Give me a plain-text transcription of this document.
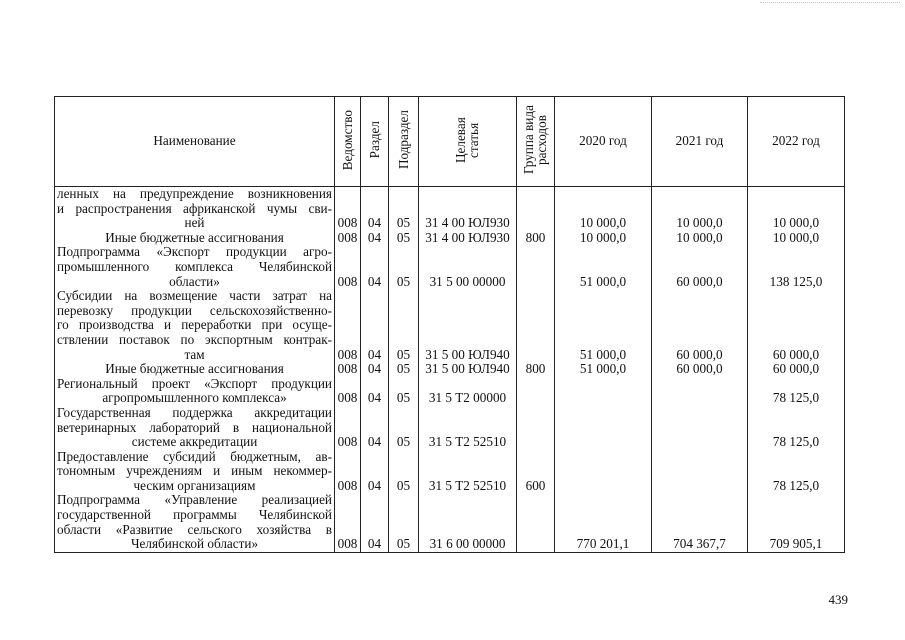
Наименование	Ведомство	Раздел	Подраздел	Целевая статья	Группа вида расходов	2020 год	2021 год	2022 год

ленных на предупреждение возникновения
и распространения африканской чумы сви-
ней	008	04	05	31 4 00 ЮЛ930		10 000,0	10 000,0	10 000,0

Иные бюджетные ассигнования	008	04	05	31 4 00 ЮЛ930	800	10 000,0	10 000,0	10 000,0

Подпрограмма «Экспорт продукции агро-
промышленного комплекса Челябинской
области»	008	04	05	31 5 00 00000		51 000,0	60 000,0	138 125,0

Субсидии на возмещение части затрат на
перевозку продукции сельскохозяйственно-
го производства и переработки при осуще-
ствлении поставок по экспортным контрак-
там	008	04	05	31 5 00 ЮЛ940		51 000,0	60 000,0	60 000,0

Иные бюджетные ассигнования	008	04	05	31 5 00 ЮЛ940	800	51 000,0	60 000,0	60 000,0

Региональный проект «Экспорт продукции
агропромышленного комплекса»	008	04	05	31 5 Т2 00000				78 125,0

Государственная поддержка аккредитации
ветеринарных лабораторий в национальной
системе аккредитации	008	04	05	31 5 Т2 52510				78 125,0

Предоставление субсидий бюджетным, ав-
тономным учреждениям и иным некоммер-
ческим организациям	008	04	05	31 5 Т2 52510	600			78 125,0

Подпрограмма «Управление реализацией
государственной программы Челябинской
области «Развитие сельского хозяйства в
Челябинской области»	008	04	05	31 6 00 00000		770 201,1	704 367,7	709 905,1
439
